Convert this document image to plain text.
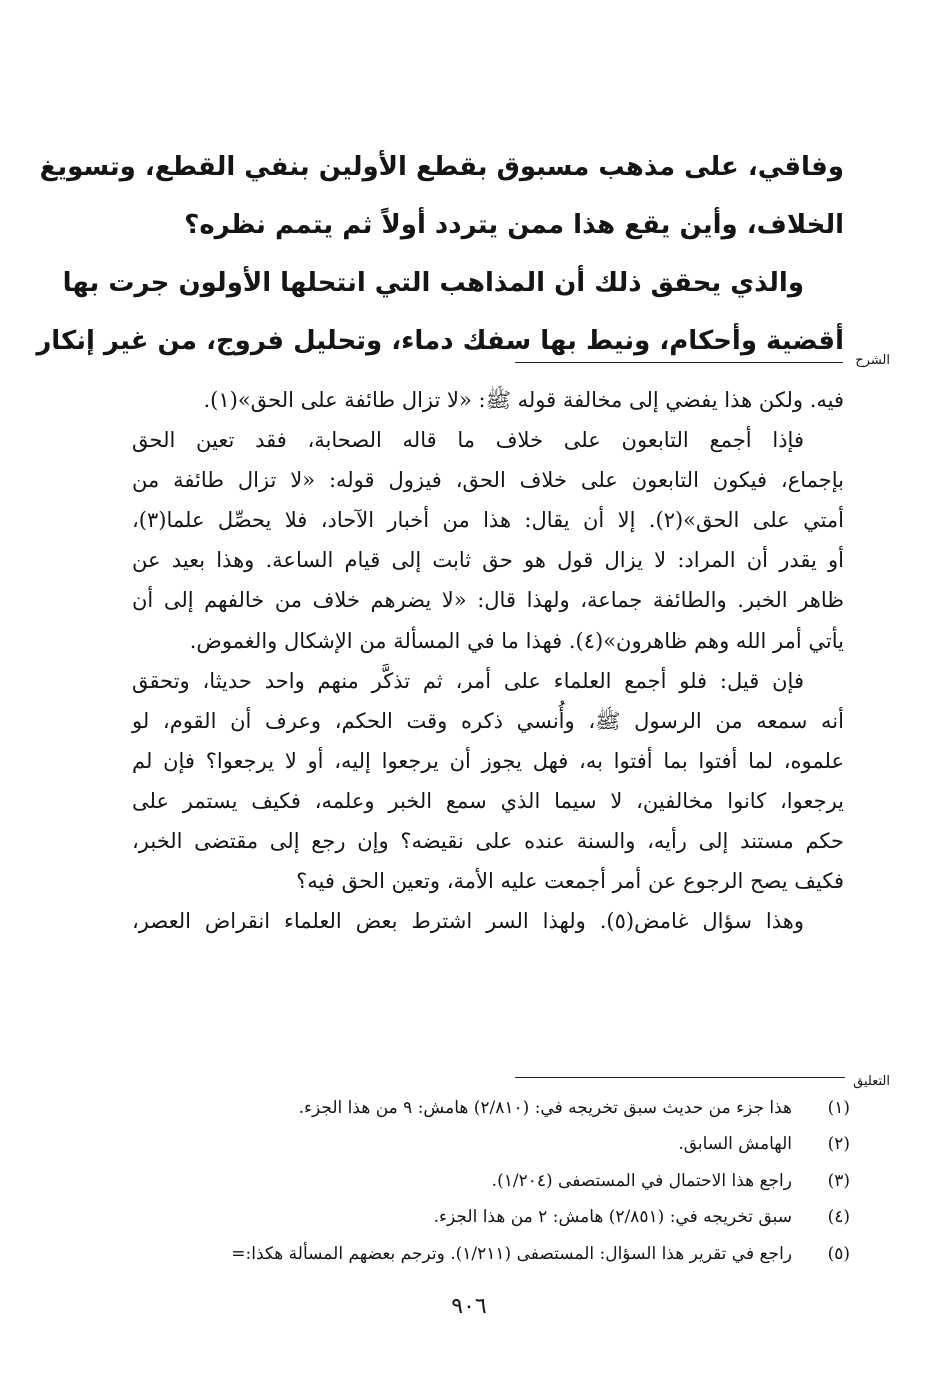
وفاقي، على مذهب مسبوق بقطع الأولين بنفي القطع، وتسويغ
الخلاف، وأين يقع هذا ممن يتردد أولاً ثم يتمم نظره؟
والذي يحقق ذلك أن المذاهب التي انتحلها الأولون جرت بها
أقضية وأحكام، ونيط بها سفك دماء، وتحليل فروج، من غير إنكار
الشرح
فيه. ولكن هذا يفضي إلى مخالفة قوله ﷺ: «لا تزال طائفة على الحق»(١).
فإذا أجمع التابعون على خلاف ما قاله الصحابة، فقد تعين الحق
بإجماع، فيكون التابعون على خلاف الحق، فيزول قوله: «لا تزال طائفة من
أمتي على الحق»(٢). إلا أن يقال: هذا من أخبار الآحاد، فلا يحصِّل علما(٣)،
أو يقدر أن المراد: لا يزال قول هو حق ثابت إلى قيام الساعة. وهذا بعيد عن
ظاهر الخبر. والطائفة جماعة، ولهذا قال: «لا يضرهم خلاف من خالفهم إلى أن
يأتي أمر الله وهم ظاهرون»(٤). فهذا ما في المسألة من الإشكال والغموض.
فإن قيل: فلو أجمع العلماء على أمر، ثم تذكَّر منهم واحد حديثا، وتحقق
أنه سمعه من الرسول ﷺ، وأُنسي ذكره وقت الحكم، وعرف أن القوم، لو
علموه، لما أفتوا بما أفتوا به، فهل يجوز أن يرجعوا إليه، أو لا يرجعوا؟ فإن لم
يرجعوا، كانوا مخالفين، لا سيما الذي سمع الخبر وعلمه، فكيف يستمر على
حكم مستند إلى رأيه، والسنة عنده على نقيضه؟ وإن رجع إلى مقتضى الخبر،
فكيف يصح الرجوع عن أمر أجمعت عليه الأمة، وتعين الحق فيه؟
وهذا سؤال غامض(٥). ولهذا السر اشترط بعض العلماء انقراض العصر،
التعليق
(١)
هذا جزء من حديث سبق تخريجه في: (٢/٨١٠) هامش: ٩ من هذا الجزء.
(٢)
الهامش السابق.
(٣)
راجع هذا الاحتمال في المستصفى (١/٢٠٤).
(٤)
سبق تخريجه في: (٢/٨٥١) هامش: ٢ من هذا الجزء.
(٥)
راجع في تقرير هذا السؤال: المستصفى (١/٢١١). وترجم بعضهم المسألة هكذا:=
٩٠٦
